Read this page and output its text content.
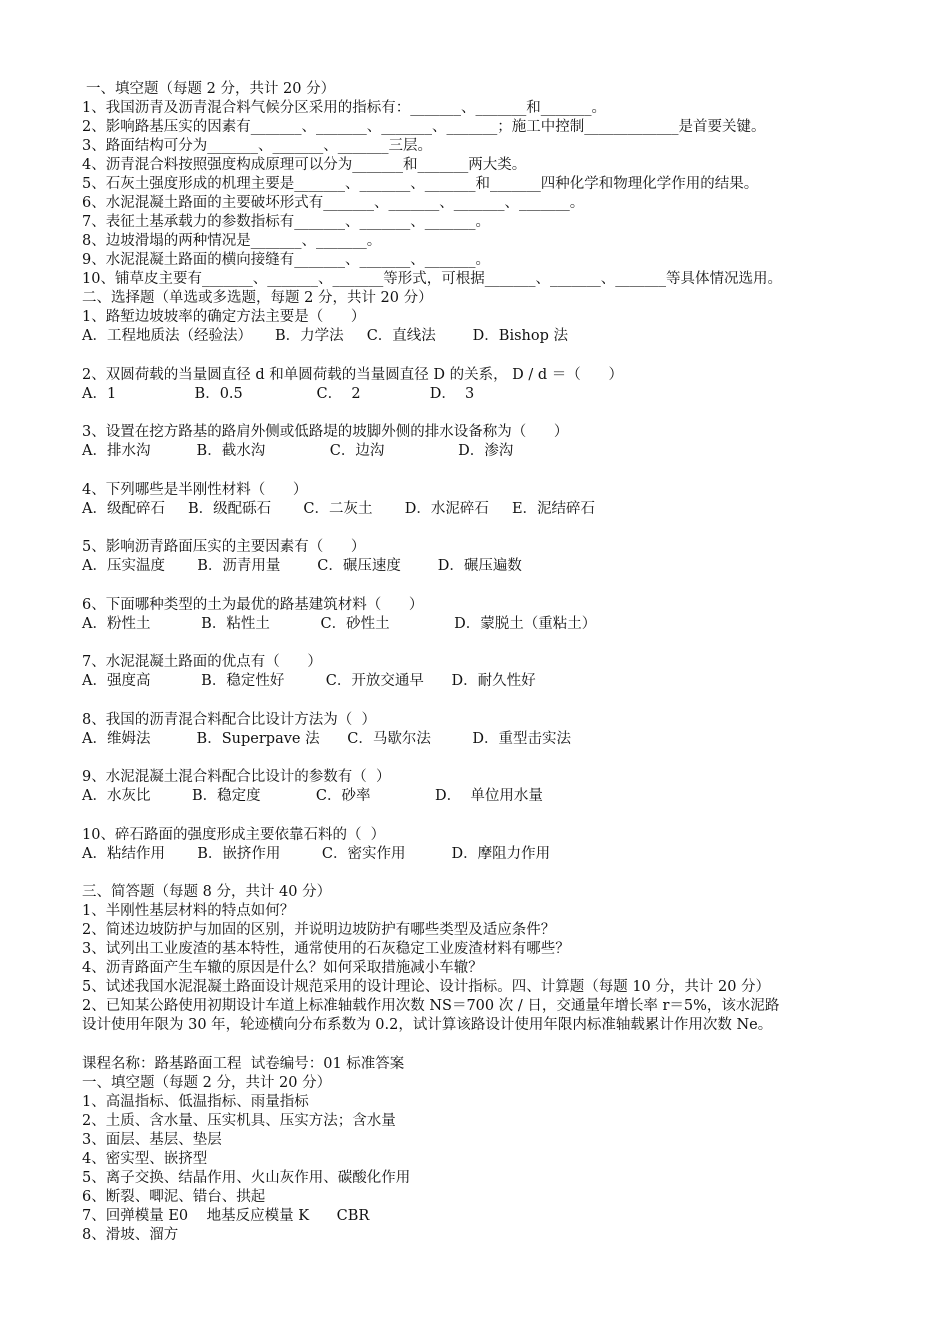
一、填空题（每题 2 分，共计 20 分）
1、我国沥青及沥青混合料气候分区采用的指标有：_______、_______和_______。
2、影响路基压实的因素有_______、_______、_______、_______；施工中控制_____________是首要关键。
3、路面结构可分为_______、_______、_______三层。
4、沥青混合料按照强度构成原理可以分为_______和_______两大类。
5、石灰土强度形成的机理主要是_______、_______、_______和_______四种化学和物理化学作用的结果。
6、水泥混凝土路面的主要破坏形式有_______、_______、_______、_______。
7、表征土基承载力的参数指标有_______、_______、_______。
8、边坡滑塌的两种情况是_______、_______。
9、水泥混凝土路面的横向接缝有_______、_______、_______。
10、铺草皮主要有_______、_______、_______等形式，可根据_______、_______、_______等具体情况选用。
二、选择题（单选或多选题，每题 2 分，共计 20 分）
1、路堑边坡坡率的确定方法主要是（      ）
A．工程地质法（经验法）     B．力学法     C．直线法        D．Bishop 法
2、双圆荷载的当量圆直径 d 和单圆荷载的当量圆直径 D 的关系， D / d ＝（      ）
A．1                 B．0.5                C．  2               D．  3
3、设置在挖方路基的路肩外侧或低路堤的坡脚外侧的排水设备称为（      ）
A．排水沟          B．截水沟              C．边沟                D．渗沟
4、下列哪些是半刚性材料（      ）
A．级配碎石     B．级配砾石       C．二灰土       D．水泥碎石     E．泥结碎石
5、影响沥青路面压实的主要因素有（      ）
A．压实温度       B．沥青用量        C．碾压速度        D．碾压遍数
6、下面哪种类型的土为最优的路基建筑材料（      ）
A．粉性土           B．粘性土           C．砂性土              D．蒙脱土（重粘土）
7、水泥混凝土路面的优点有（      ）
A．强度高           B．稳定性好         C．开放交通早      D．耐久性好
8、我国的沥青混合料配合比设计方法为（  ）
A．维姆法          B．Superpave 法      C．马歇尔法         D．重型击实法
9、水泥混凝土混合料配合比设计的参数有（  ）
A．水灰比         B．稳定度            C．砂率              D．  单位用水量
10、碎石路面的强度形成主要依靠石料的（  ）
A．粘结作用       B．嵌挤作用         C．密实作用          D．摩阻力作用
三、简答题（每题 8 分，共计 40 分）
1、半刚性基层材料的特点如何？
2、简述边坡防护与加固的区别，并说明边坡防护有哪些类型及适应条件？
3、试列出工业废渣的基本特性，通常使用的石灰稳定工业废渣材料有哪些？
4、沥青路面产生车辙的原因是什么？如何采取措施减小车辙？
5、试述我国水泥混凝土路面设计规范采用的设计理论、设计指标。四、计算题（每题 10 分，共计 20 分）
2、已知某公路使用初期设计车道上标准轴载作用次数 NS＝700 次 / 日，交通量年增长率 r＝5%，该水泥路
设计使用年限为 30 年，轮迹横向分布系数为 0.2，试计算该路设计使用年限内标准轴载累计作用次数 Ne。
课程名称：路基路面工程  试卷编号：01 标准答案
一、填空题（每题 2 分，共计 20 分）
1、高温指标、低温指标、雨量指标
2、土质、含水量、压实机具、压实方法；含水量
3、面层、基层、垫层
4、密实型、嵌挤型
5、离子交换、结晶作用、火山灰作用、碳酸化作用
6、断裂、唧泥、错台、拱起
7、回弹模量 E0    地基反应模量 K      CBR
8、滑坡、溜方
